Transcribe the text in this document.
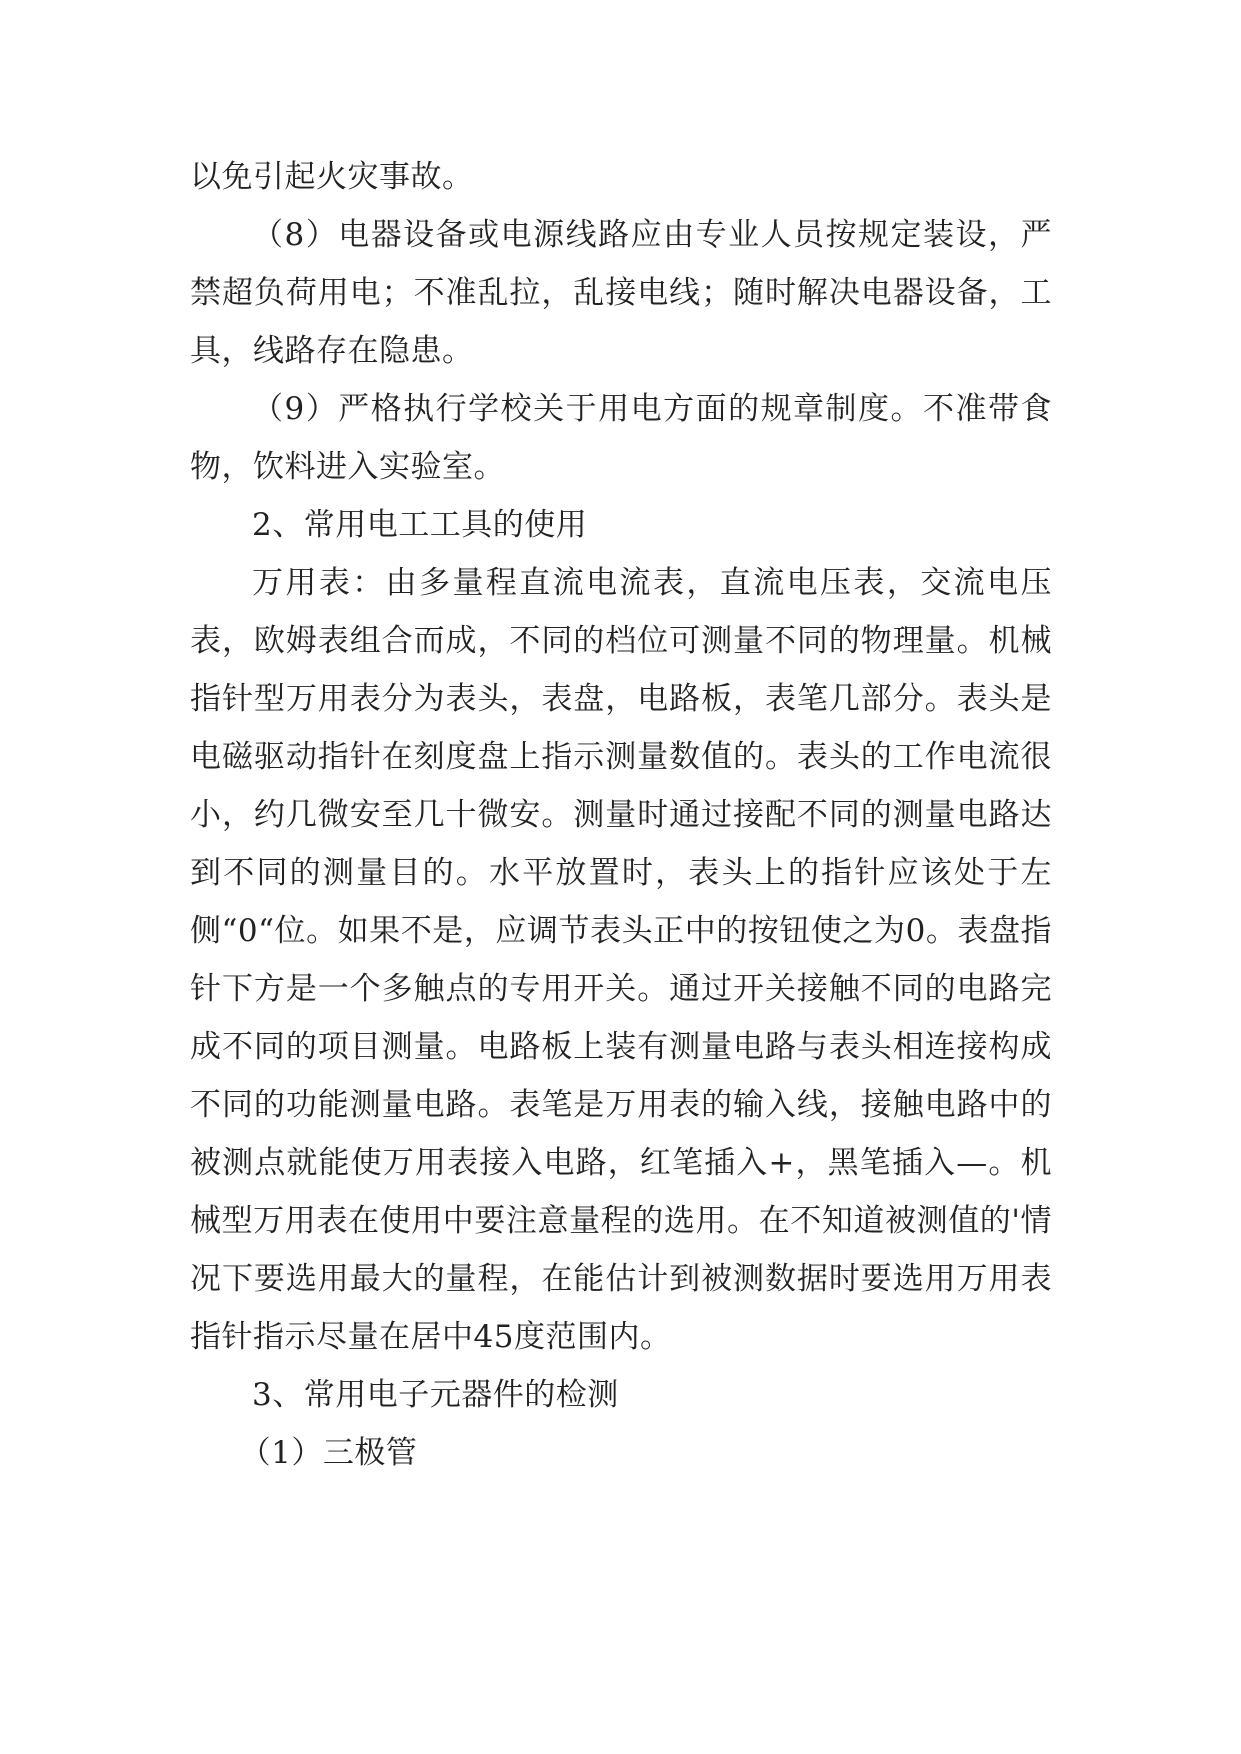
以免引起火灾事故。

（8）电器设备或电源线路应由专业人员按规定装设，严禁超负荷用电；不准乱拉，乱接电线；随时解决电器设备，工具，线路存在隐患。

（9）严格执行学校关于用电方面的规章制度。不准带食物，饮料进入实验室。

2、常用电工工具的使用

万用表：由多量程直流电流表，直流电压表，交流电压表，欧姆表组合而成，不同的档位可测量不同的物理量。机械指针型万用表分为表头，表盘，电路板，表笔几部分。表头是电磁驱动指针在刻度盘上指示测量数值的。表头的工作电流很小，约几微安至几十微安。测量时通过接配不同的测量电路达到不同的测量目的。水平放置时，表头上的指针应该处于左侧“0“位。如果不是，应调节表头正中的按钮使之为0。表盘指针下方是一个多触点的专用开关。通过开关接触不同的电路完成不同的项目测量。电路板上装有测量电路与表头相连接构成不同的功能测量电路。表笔是万用表的输入线，接触电路中的被测点就能使万用表接入电路，红笔插入+，黑笔插入—。机械型万用表在使用中要注意量程的选用。在不知道被测值的'情况下要选用最大的量程，在能估计到被测数据时要选用万用表指针指示尽量在居中45度范围内。

3、常用电子元器件的检测

（1）三极管
